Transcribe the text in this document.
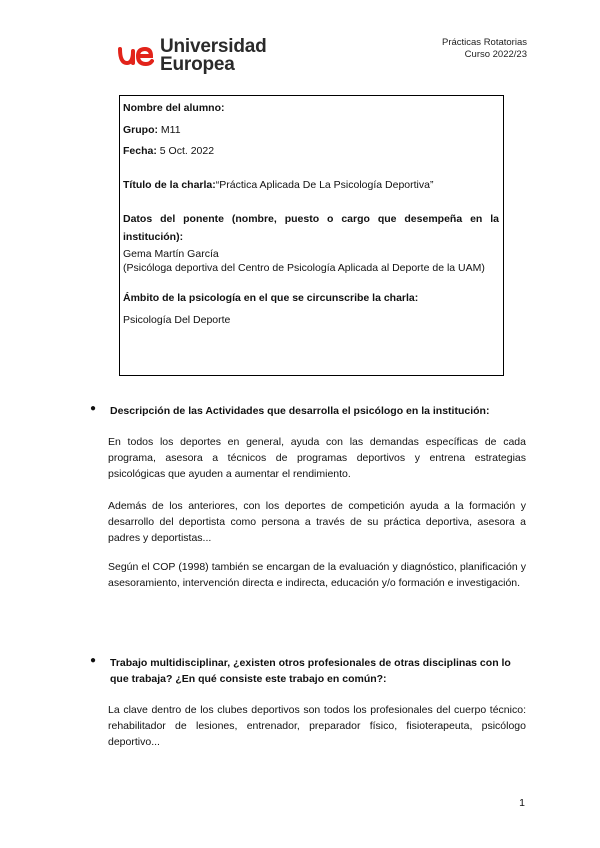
Universidad
Europea
Prácticas Rotatorias
Curso 2022/23
Nombre del alumno:
Grupo: M11
Fecha: 5 Oct. 2022
Título de la charla:“Práctica Aplicada De La Psicología Deportiva”
Datos del ponente (nombre, puesto o cargo que desempeña en la institución):
Gema Martín García
(Psicóloga deportiva del Centro de Psicología Aplicada al Deporte de la UAM)
Ámbito de la psicología en el que se circunscribe la charla:
Psicología Del Deporte
●	Descripción de las Actividades que desarrolla el psicólogo en la institución:
En todos los deportes en general, ayuda con las demandas específicas de cada programa, asesora a técnicos de programas deportivos y entrena estrategias psicológicas que ayuden a aumentar el rendimiento.
Además de los anteriores, con los deportes de competición ayuda a la formación y desarrollo del deportista como persona a través de su práctica deportiva, asesora a padres y deportistas...
Según el COP (1998) también se encargan de la evaluación y diagnóstico, planificación y asesoramiento, intervención directa e indirecta, educación y/o formación e investigación.
●	Trabajo multidisciplinar, ¿existen otros profesionales de otras disciplinas con lo que trabaja? ¿En qué consiste este trabajo en común?:
La clave dentro de los clubes deportivos son todos los profesionales del cuerpo técnico: rehabilitador de lesiones, entrenador, preparador físico, fisioterapeuta, psicólogo deportivo...
1
